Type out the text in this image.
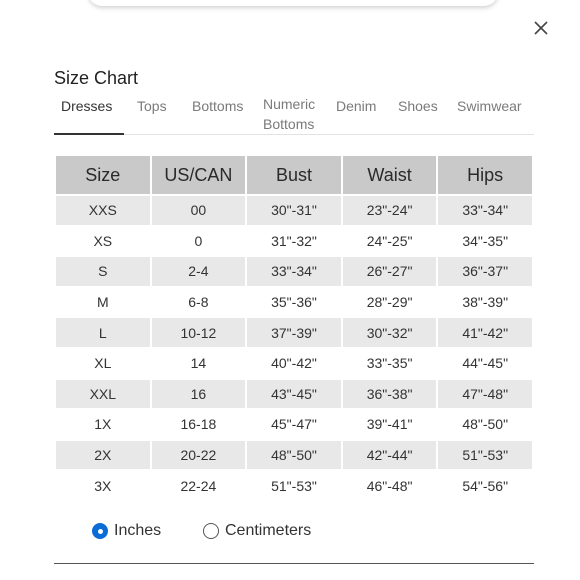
Size Chart
Dresses Tops Bottoms Numeric
Bottoms
Denim Shoes Swimwear
Size	US/CAN	Bust	Waist	Hips
XXS	00	30"-31"	23"-24"	33"-34"
XS	0	31"-32"	24"-25"	34"-35"
S	2-4	33"-34"	26"-27"	36"-37"
M	6-8	35"-36"	28"-29"	38"-39"
L	10-12	37"-39"	30"-32"	41"-42"
XL	14	40"-42"	33"-35"	44"-45"
XXL	16	43"-45"	36"-38"	47"-48"
1X	16-18	45"-47"	39"-41"	48"-50"
2X	20-22	48"-50"	42"-44"	51"-53"
3X	22-24	51"-53"	46"-48"	54"-56"
Inches	Centimeters
